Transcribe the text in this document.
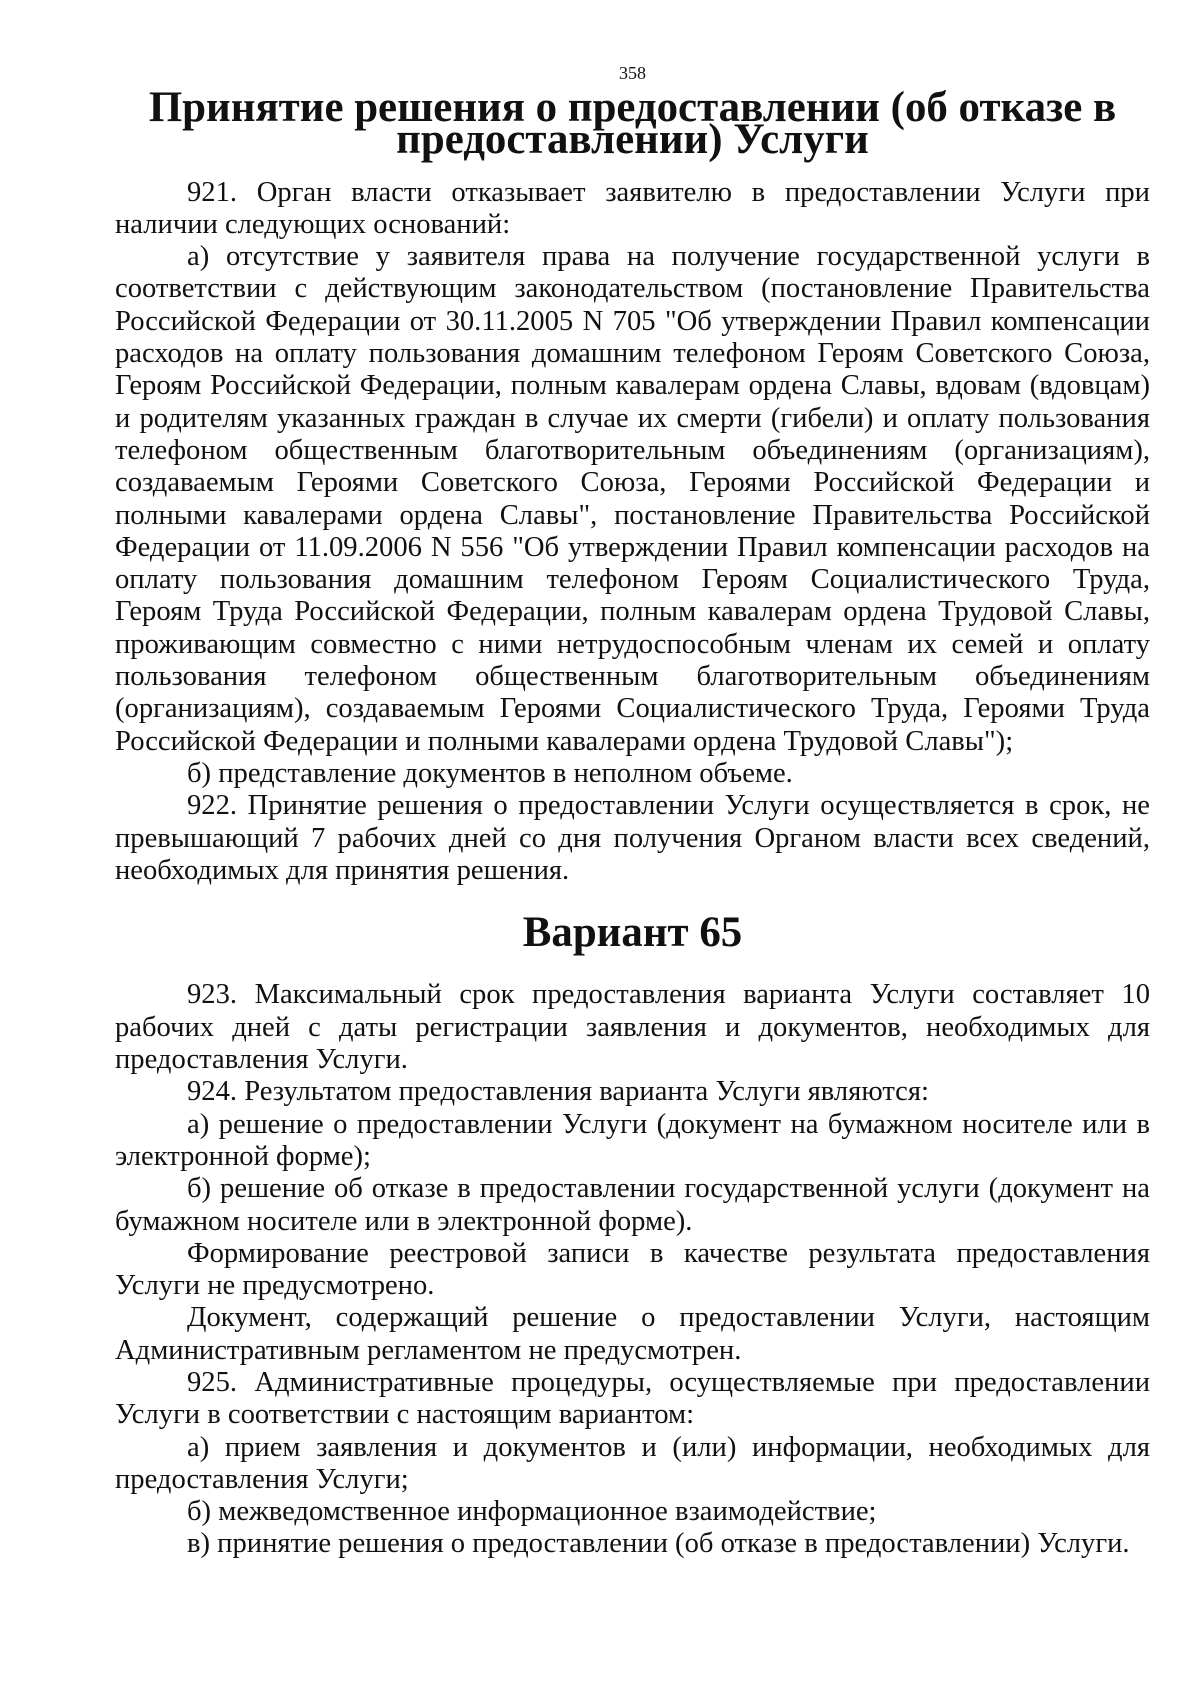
358
Принятие решения о предоставлении (об отказе в предоставлении) Услуги

921. Орган власти отказывает заявителю в предоставлении Услуги при наличии следующих оснований:

а) отсутствие у заявителя права на получение государственной услуги в соответствии с действующим законодательством (постановление Правительства Российской Федерации от 30.11.2005 N 705 "Об утверждении Правил компенсации расходов на оплату пользования домашним телефоном Героям Советского Союза, Героям Российской Федерации, полным кавалерам ордена Славы, вдовам (вдовцам) и родителям указанных граждан в случае их смерти (гибели) и оплату пользования телефоном общественным благотворительным объединениям (организациям), создаваемым Героями Советского Союза, Героями Российской Федерации и полными кавалерами ордена Славы", постановление Правительства Российской Федерации от 11.09.2006 N 556 "Об утверждении Правил компенсации расходов на оплату пользования домашним телефоном Героям Социалистического Труда, Героям Труда Российской Федерации, полным кавалерам ордена Трудовой Славы, проживающим совместно с ними нетрудоспособным членам их семей и оплату пользования телефоном общественным благотворительным объединениям (организациям), создаваемым Героями Социалистического Труда, Героями Труда Российской Федерации и полными кавалерами ордена Трудовой Славы");

б) представление документов в неполном объеме.

922. Принятие решения о предоставлении Услуги осуществляется в срок, не превышающий 7 рабочих дней со дня получения Органом власти всех сведений, необходимых для принятия решения.

Вариант 65

923. Максимальный срок предоставления варианта Услуги составляет 10 рабочих дней с даты регистрации заявления и документов, необходимых для предоставления Услуги.

924. Результатом предоставления варианта Услуги являются:

а) решение о предоставлении Услуги (документ на бумажном носителе или в электронной форме);

б) решение об отказе в предоставлении государственной услуги (документ на бумажном носителе или в электронной форме).

Формирование реестровой записи в качестве результата предоставления Услуги не предусмотрено.

Документ, содержащий решение о предоставлении Услуги, настоящим Административным регламентом не предусмотрен.

925. Административные процедуры, осуществляемые при предоставлении Услуги в соответствии с настоящим вариантом:

а) прием заявления и документов и (или) информации, необходимых для предоставления Услуги;

б) межведомственное информационное взаимодействие;

в) принятие решения о предоставлении (об отказе в предоставлении) Услуги.
